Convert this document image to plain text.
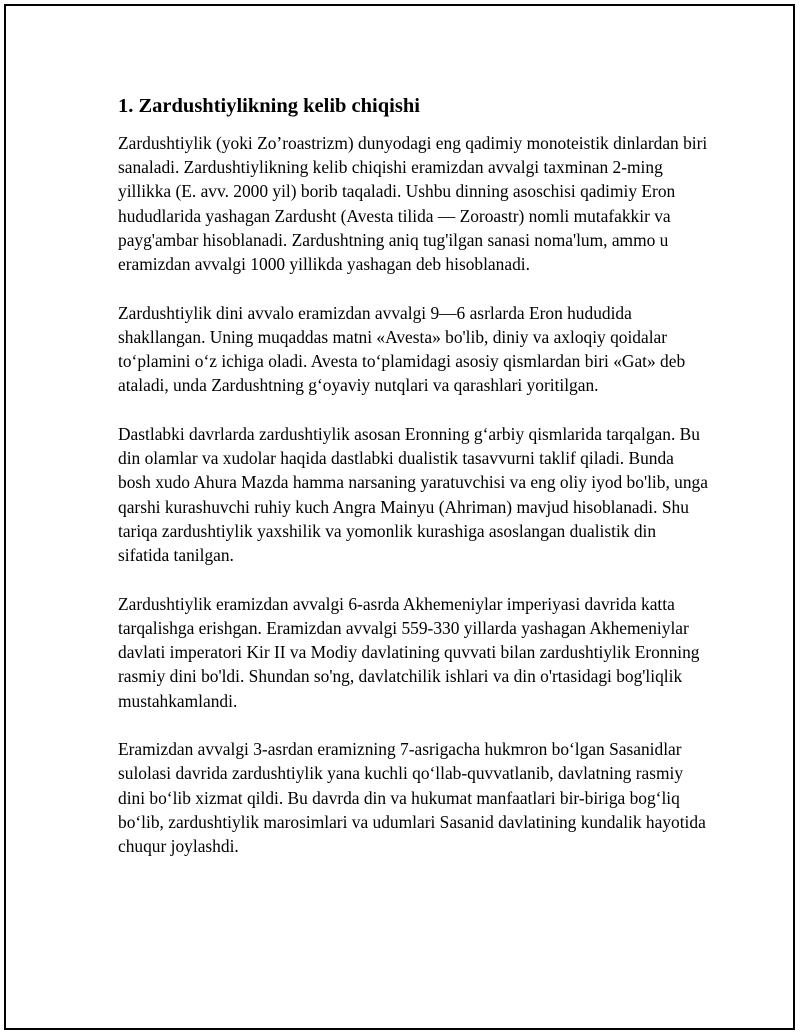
1. Zardushtiylikning kelib chiqishi

Zardushtiylik (yoki Zo’roastrizm) dunyodagi eng qadimiy monoteistik dinlardan biri sanaladi. Zardushtiylikning kelib chiqishi eramizdan avvalgi taxminan 2-ming yillikka (E. avv. 2000 yil) borib taqaladi. Ushbu dinning asoschisi qadimiy Eron hududlarida yashagan Zardusht (Avesta tilida — Zoroastr) nomli mutafakkir va payg'ambar hisoblanadi. Zardushtning aniq tug'ilgan sanasi noma'lum, ammo u eramizdan avvalgi 1000 yillikda yashagan deb hisoblanadi.

Zardushtiylik dini avvalo eramizdan avvalgi 9—6 asrlarda Eron hududida shakllangan. Uning muqaddas matni «Avesta» bo'lib, diniy va axloqiy qoidalar to‘plamini o‘z ichiga oladi. Avesta to‘plamidagi asosiy qismlardan biri «Gat» deb ataladi, unda Zardushtning g‘oyaviy nutqlari va qarashlari yoritilgan.

Dastlabki davrlarda zardushtiylik asosan Eronning g‘arbiy qismlarida tarqalgan. Bu din olamlar va xudolar haqida dastlabki dualistik tasavvurni taklif qiladi. Bunda bosh xudo Ahura Mazda hamma narsaning yaratuvchisi va eng oliy iyod bo'lib, unga qarshi kurashuvchi ruhiy kuch Angra Mainyu (Ahriman) mavjud hisoblanadi. Shu tariqa zardushtiylik yaxshilik va yomonlik kurashiga asoslangan dualistik din sifatida tanilgan.

Zardushtiylik eramizdan avvalgi 6-asrda Akhemeniylar imperiyasi davrida katta tarqalishga erishgan. Eramizdan avvalgi 559-330 yillarda yashagan Akhemeniylar davlati imperatori Kir II va Modiy davlatining quvvati bilan zardushtiylik Eronning rasmiy dini bo'ldi. Shundan so'ng, davlatchilik ishlari va din o'rtasidagi bog'liqlik mustahkamlandi.

Eramizdan avvalgi 3-asrdan eramizning 7-asrigacha hukmron bo‘lgan Sasanidlar sulolasi davrida zardushtiylik yana kuchli qo‘llab-quvvatlanib, davlatning rasmiy dini bo‘lib xizmat qildi. Bu davrda din va hukumat manfaatlari bir-biriga bog‘liq bo‘lib, zardushtiylik marosimlari va udumlari Sasanid davlatining kundalik hayotida chuqur joylashdi.
